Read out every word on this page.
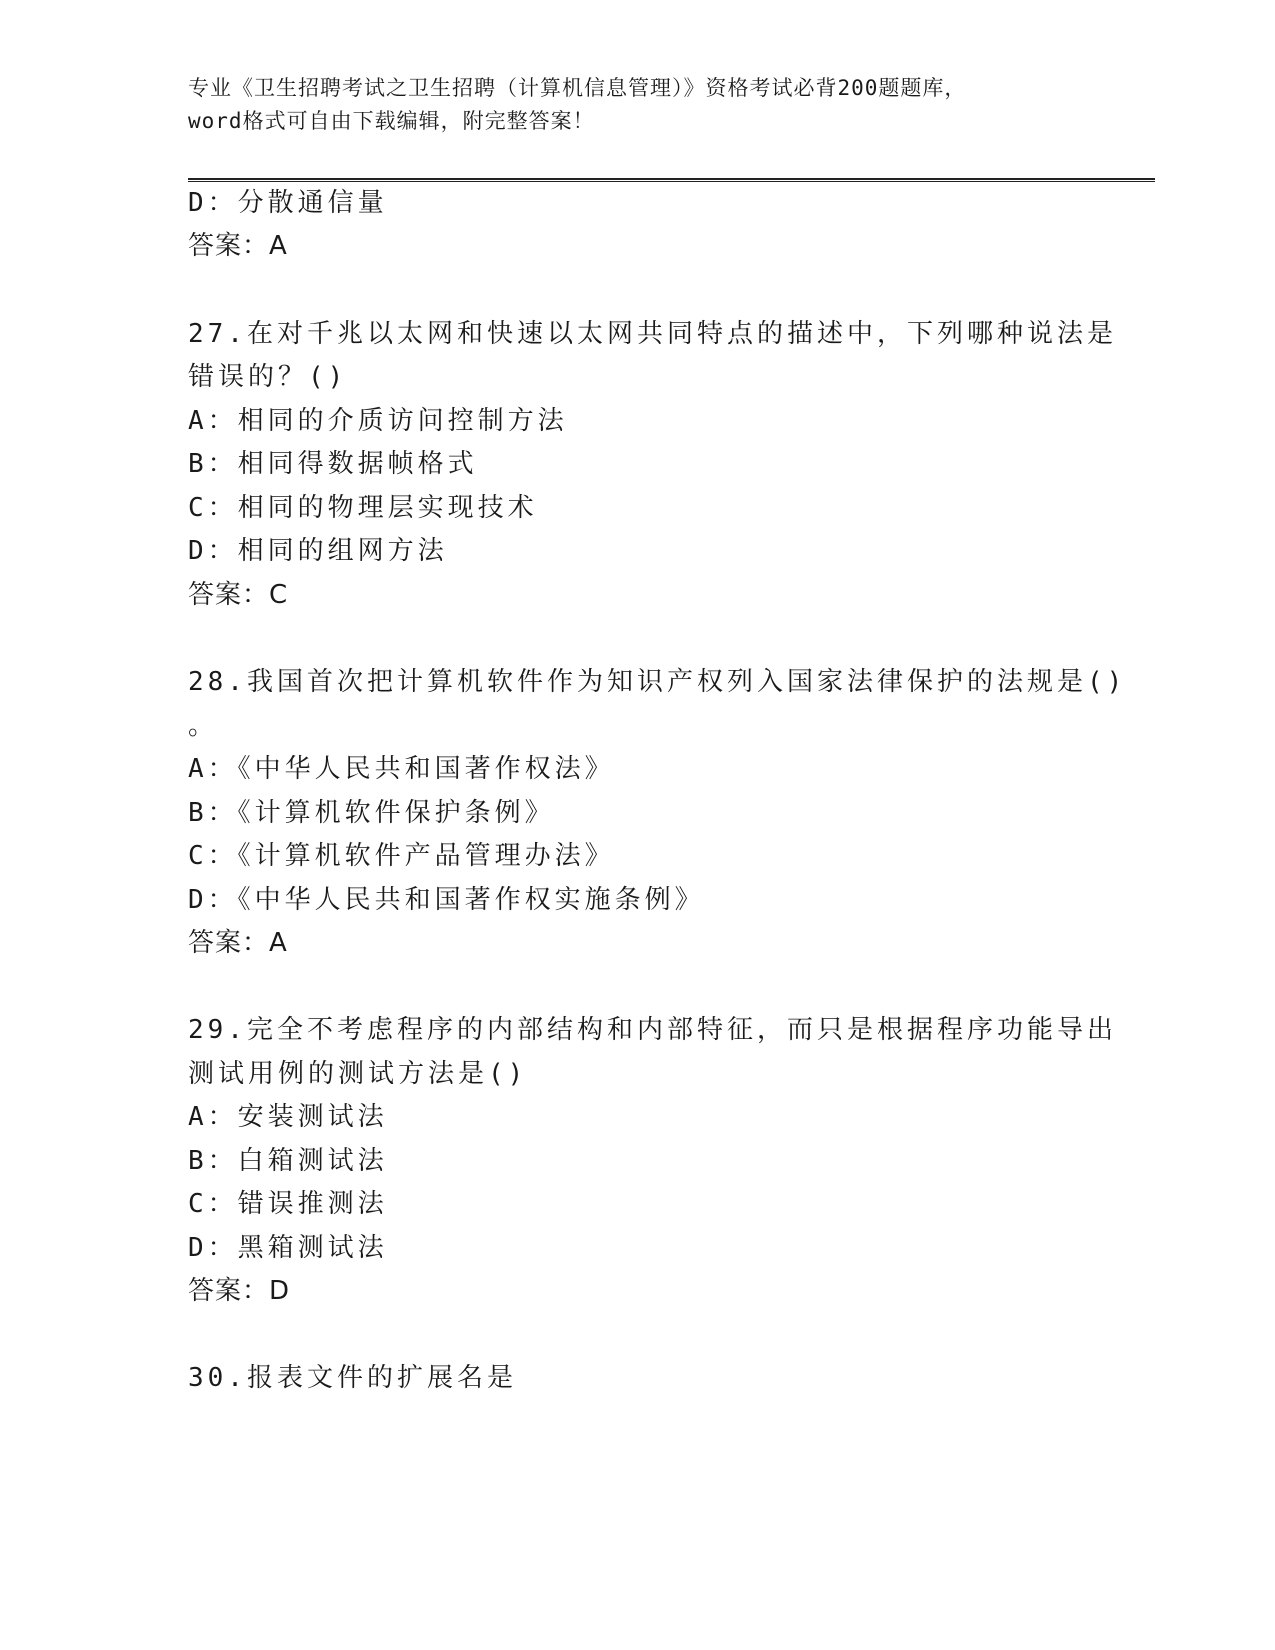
专业《卫生招聘考试之卫生招聘（计算机信息管理）》资格考试必背200题题库，
word格式可自由下载编辑，附完整答案！
D：分散通信量
答案：A
27.在对千兆以太网和快速以太网共同特点的描述中，下列哪种说法是
错误的？()
A：相同的介质访问控制方法
B：相同得数据帧格式
C：相同的物理层实现技术
D：相同的组网方法
答案：C
28.我国首次把计算机软件作为知识产权列入国家法律保护的法规是()
。
A：《中华人民共和国著作权法》
B：《计算机软件保护条例》
C：《计算机软件产品管理办法》
D：《中华人民共和国著作权实施条例》
答案：A
29.完全不考虑程序的内部结构和内部特征，而只是根据程序功能导出
测试用例的测试方法是()
A：安装测试法
B：白箱测试法
C：错误推测法
D：黑箱测试法
答案：D
30.报表文件的扩展名是
